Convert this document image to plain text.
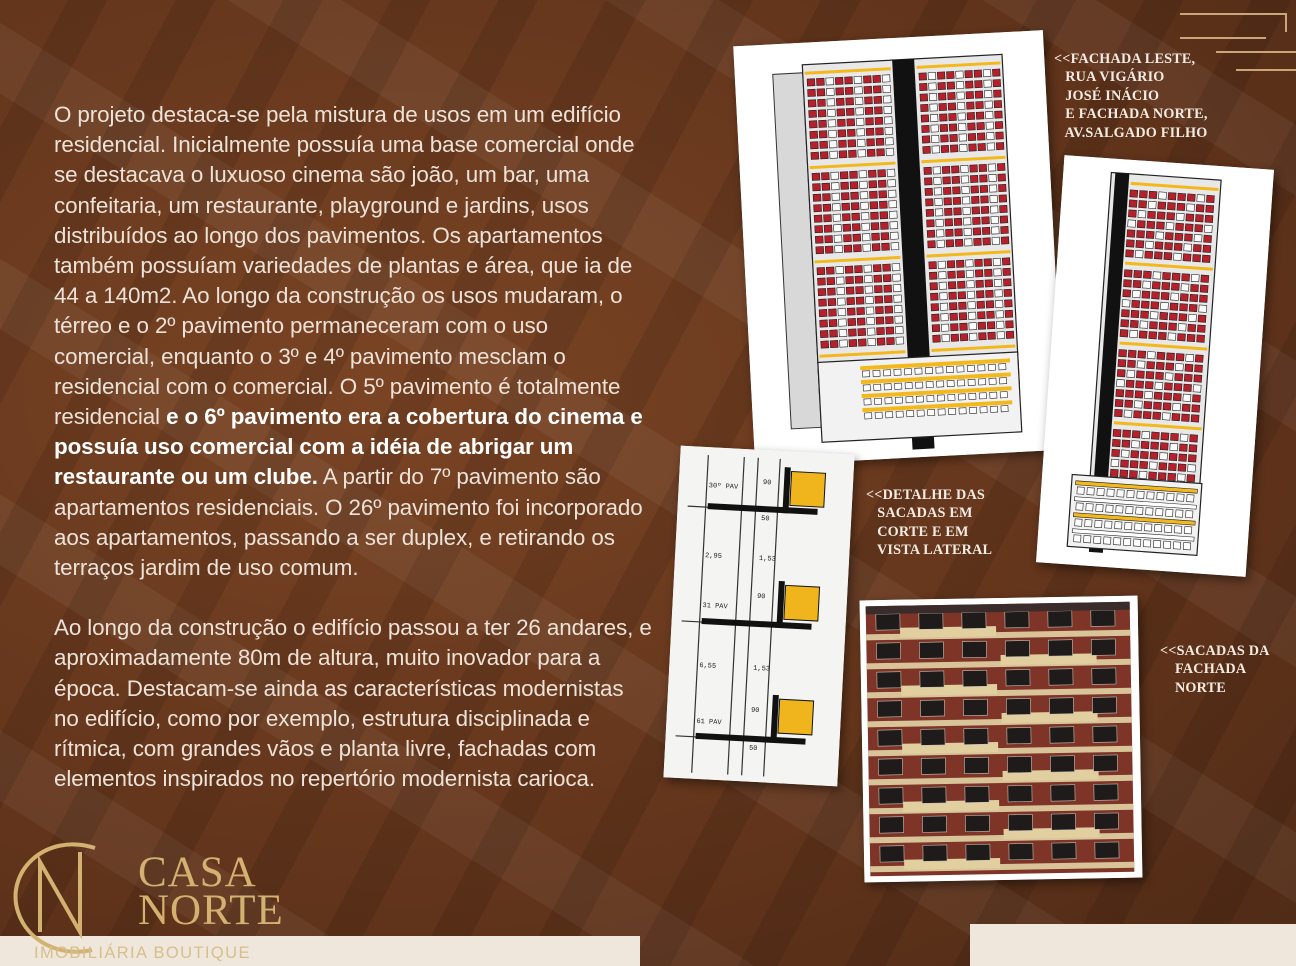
O projeto destaca-se pela mistura de usos em um edifício residencial. Inicialmente possuía uma base comercial onde se destacava o luxuoso cinema são joão, um bar, uma confeitaria, um restaurante, playground e jardins, usos distribuídos ao longo dos pavimentos. Os apartamentos também possuíam variedades de plantas e área, que ia de 44 a 140m2. Ao longo da construção os usos mudaram, o térreo e o 2º pavimento permaneceram com o uso comercial, enquanto o 3º e 4º pavimento mesclam o residencial com o comercial. O 5º pavimento é totalmente residencial e o 6º pavimento era a cobertura do cinema e possuía uso comercial com a idéia de abrigar um restaurante ou um clube. A partir do 7º pavimento são apartamentos residenciais. O 26º pavimento foi incorporado aos apartamentos, passando a ser duplex, e retirando os terraços jardim de uso comum.

Ao longo da construção o edifício passou a ter 26 andares, e aproximadamente 80m de altura, muito inovador para a época. Destacam-se ainda as características modernistas no edifício, como por exemplo, estrutura disciplinada e rítmica, com grandes vãos e planta livre, fachadas com elementos inspirados no repertório modernista carioca.

<<FACHADA LESTE,
RUA VIGÁRIO
JOSÉ INÁCIO
E FACHADA NORTE,
AV.SALGADO FILHO
30º PAV	90
50
2,95	1,53
90
31 PAV
6,55	1,53
90
61 PAV
50
<<DETALHE DAS
SACADAS EM
CORTE E EM
VISTA LATERAL
<<SACADAS DA
FACHADA
NORTE
CASA
NORTE
IMOBILIÁRIA BOUTIQUE
